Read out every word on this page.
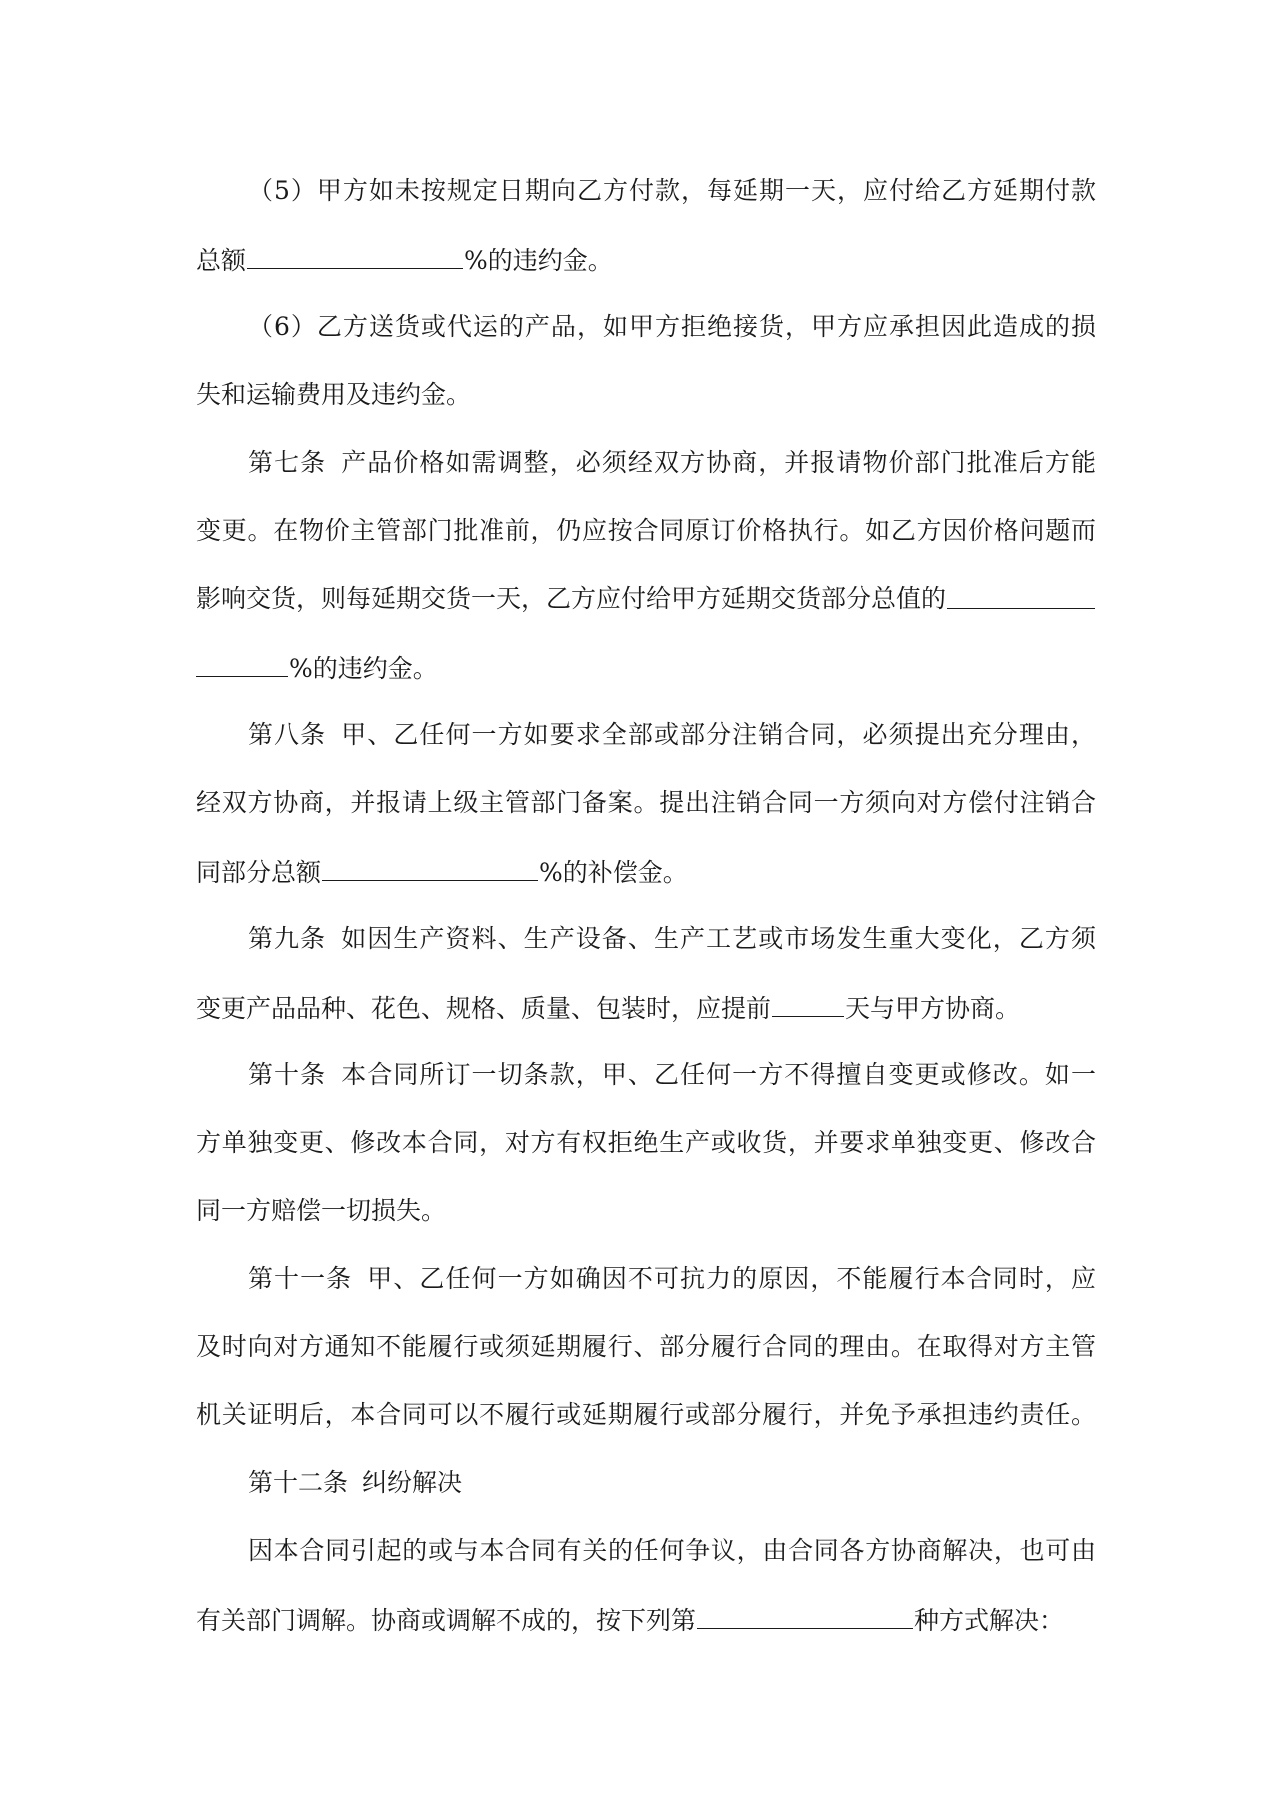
（5）甲方如未按规定日期向乙方付款，每延期一天，应付给乙方延期付款
总额	%的违约金。
（6）乙方送货或代运的产品，如甲方拒绝接货，甲方应承担因此造成的损
失和运输费用及违约金。
第七条 产品价格如需调整，必须经双方协商，并报请物价部门批准后方能
变更。在物价主管部门批准前，仍应按合同原订价格执行。如乙方因价格问题而
影响交货，则每延期交货一天，乙方应付给甲方延期交货部分总值的
%的违约金。
第八条 甲、乙任何一方如要求全部或部分注销合同，必须提出充分理由，
经双方协商，并报请上级主管部门备案。提出注销合同一方须向对方偿付注销合
同部分总额	%的补偿金。
第九条 如因生产资料、生产设备、生产工艺或市场发生重大变化，乙方须
变更产品品种、花色、规格、质量、包装时，应提前	天与甲方协商。
第十条 本合同所订一切条款，甲、乙任何一方不得擅自变更或修改。如一
方单独变更、修改本合同，对方有权拒绝生产或收货，并要求单独变更、修改合
同一方赔偿一切损失。
第十一条 甲、乙任何一方如确因不可抗力的原因，不能履行本合同时，应
及时向对方通知不能履行或须延期履行、部分履行合同的理由。在取得对方主管
机关证明后，本合同可以不履行或延期履行或部分履行，并免予承担违约责任。
第十二条 纠纷解决
因本合同引起的或与本合同有关的任何争议，由合同各方协商解决，也可由
有关部门调解。协商或调解不成的，按下列第	种方式解决：
